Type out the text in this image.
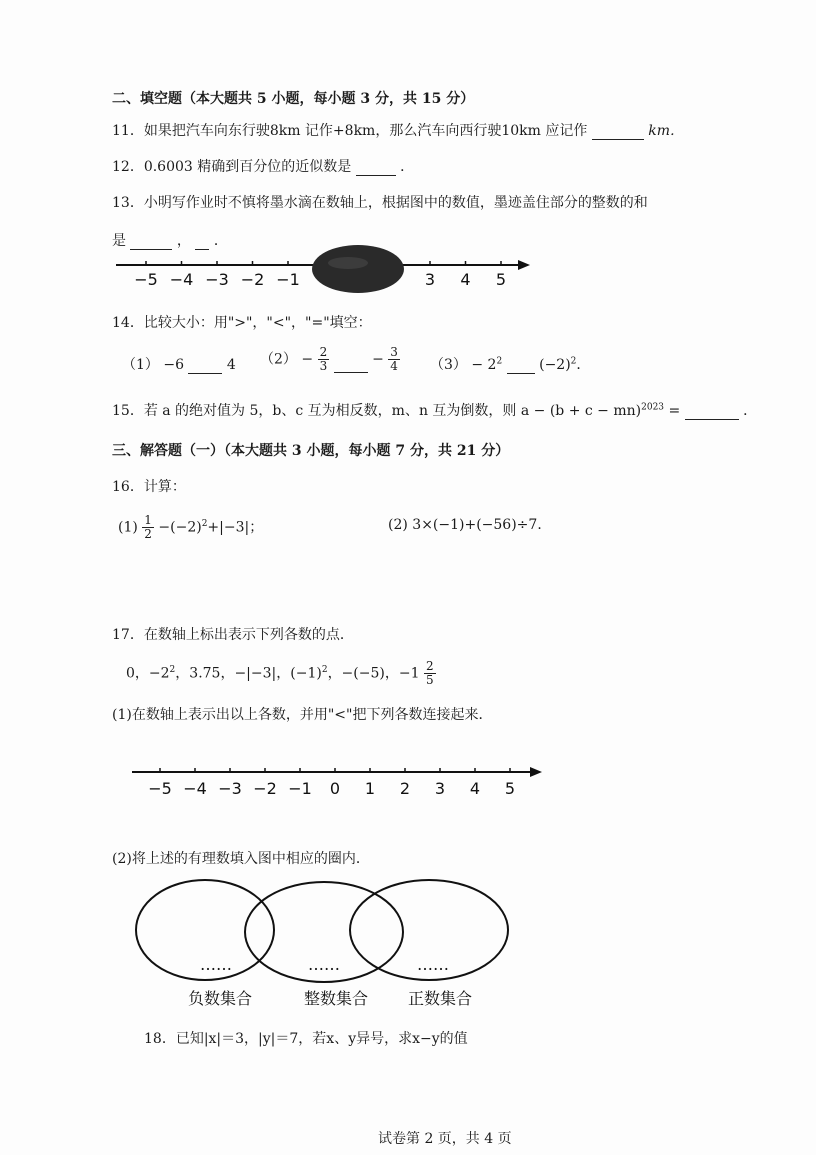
二、填空题（本大题共 5 小题，每小题 3 分，共 15 分）
11．如果把汽车向东行驶8km 记作+8km，那么汽车向西行驶10km 应记作	km．
12．0.6003 精确到百分位的近似数是	．
13．小明写作业时不慎将墨水滴在数轴上，根据图中的数值，墨迹盖住部分的整数的和
是	， ．
−5 −4 −3 −2 −1	3 4 5
14．比较大小：用">"，"<"，"="填空：
（1） −6	4 $(2) - \frac{2}{3}$	− $\frac{3}{4} (3) - 2^2$	$(-2)^2$．
15．若 a 的绝对值为 5，b、c 互为相反数，m、n 互为倒数，则 a − (b + c − mn)$^{2023}$ =	．
三、解答题（一）（本大题共 3 小题，每小题 7 分，共 21 分）
16．计算：
$(1) \frac{1}{2} -(-2)^2+|-3|$；	(2) 3×(−1)+(−56)÷7．
17．在数轴上标出表示下列各数的点．
0，$-2^2$，3.75，−|−3|，$(-1)^2$，−(−5)，$-1 \frac{2}{5}$
(1)在数轴上表示出以上各数，并用"<"把下列各数连接起来．
−5 −4 −3 −2 −1 0 1 2 3 4 5
(2)将上述的有理数填入图中相应的圈内．
……	……	……
负数集合	整数集合 正数集合
18．已知|x|＝3，|y|＝7，若x、y异号，求x−y的值
试卷第 2 页，共 4 页
